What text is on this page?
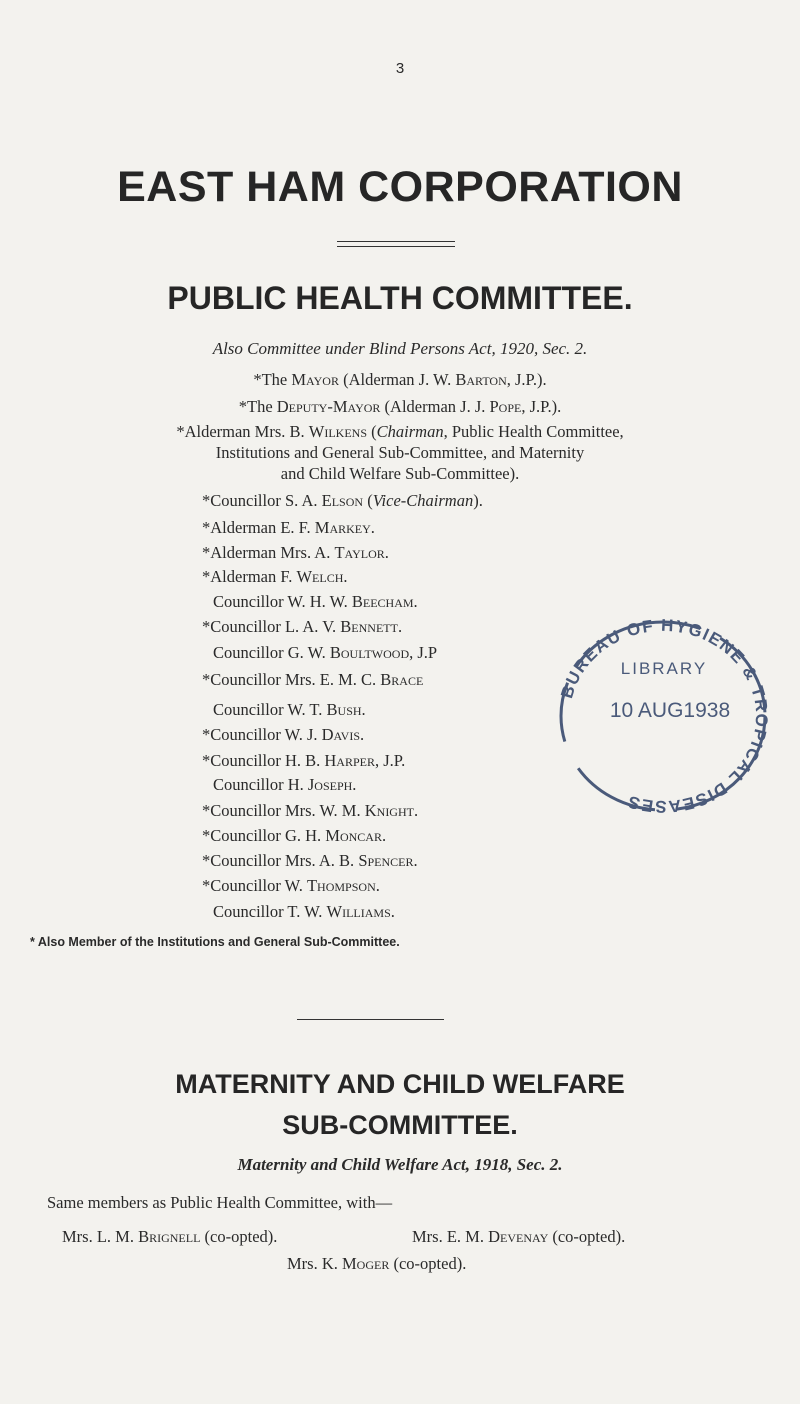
3
EAST HAM CORPORATION
PUBLIC HEALTH COMMITTEE.
Also Committee under Blind Persons Act, 1920, Sec. 2.
*The Mayor (Alderman J. W. Barton, J.P.).
*The Deputy-Mayor (Alderman J. J. Pope, J.P.).
*Alderman Mrs. B. Wilkens (Chairman, Public Health Committee,
Institutions and General Sub-Committee, and Maternity
and Child Welfare Sub-Committee).
*Councillor S. A. Elson (Vice-Chairman).
*Alderman E. F. Markey.
*Alderman Mrs. A. Taylor.
*Alderman F. Welch.
Councillor W. H. W. Beecham.
*Councillor L. A. V. Bennett.
Councillor G. W. Boultwood, J.P
*Councillor Mrs. E. M. C. Brace
Councillor W. T. Bush.
*Councillor W. J. Davis.
*Councillor H. B. Harper, J.P.
Councillor H. Joseph.
*Councillor Mrs. W. M. Knight.
*Councillor G. H. Moncar.
*Councillor Mrs. A. B. Spencer.
*Councillor W. Thompson.
Councillor T. W. Williams.
BUREAU OF HYGIENE & TROPICAL DISEASES
LIBRARY
10 AUG1938
* Also Member of the Institutions and General Sub-Committee.
MATERNITY AND CHILD WELFARE
SUB-COMMITTEE.
Maternity and Child Welfare Act, 1918, Sec. 2.
Same members as Public Health Committee, with—
Mrs. L. M. Brignell (co-opted).	Mrs. E. M. Devenay (co-opted).
Mrs. K. Moger (co-opted).
